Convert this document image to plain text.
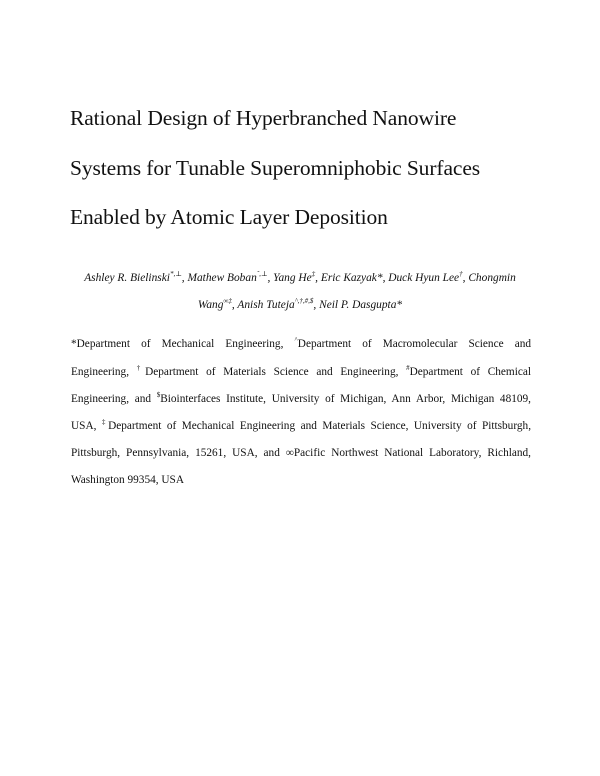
Rational Design of Hyperbranched Nanowire
Systems for Tunable Superomniphobic Surfaces
Enabled by Atomic Layer Deposition
Ashley R. Bielinski*,⊥, Mathew Boban$^{ˆ,\perp}$, Yang He‡, Eric Kazyak*, Duck Hyun Lee†, Chongmin
Wang∞‡, Anish Tuteja^,†,#,$, Neil P. Dasgupta*
*Department of Mechanical Engineering, ^Department of Macromolecular Science and
Engineering, †Department of Materials Science and Engineering, #Department of Chemical
Engineering, and $Biointerfaces Institute, University of Michigan, Ann Arbor, Michigan 48109,
USA, ‡Department of Mechanical Engineering and Materials Science, University of Pittsburgh,
Pittsburgh, Pennsylvania, 15261, USA, and ∞Pacific Northwest National Laboratory, Richland,
Washington 99354, USA
